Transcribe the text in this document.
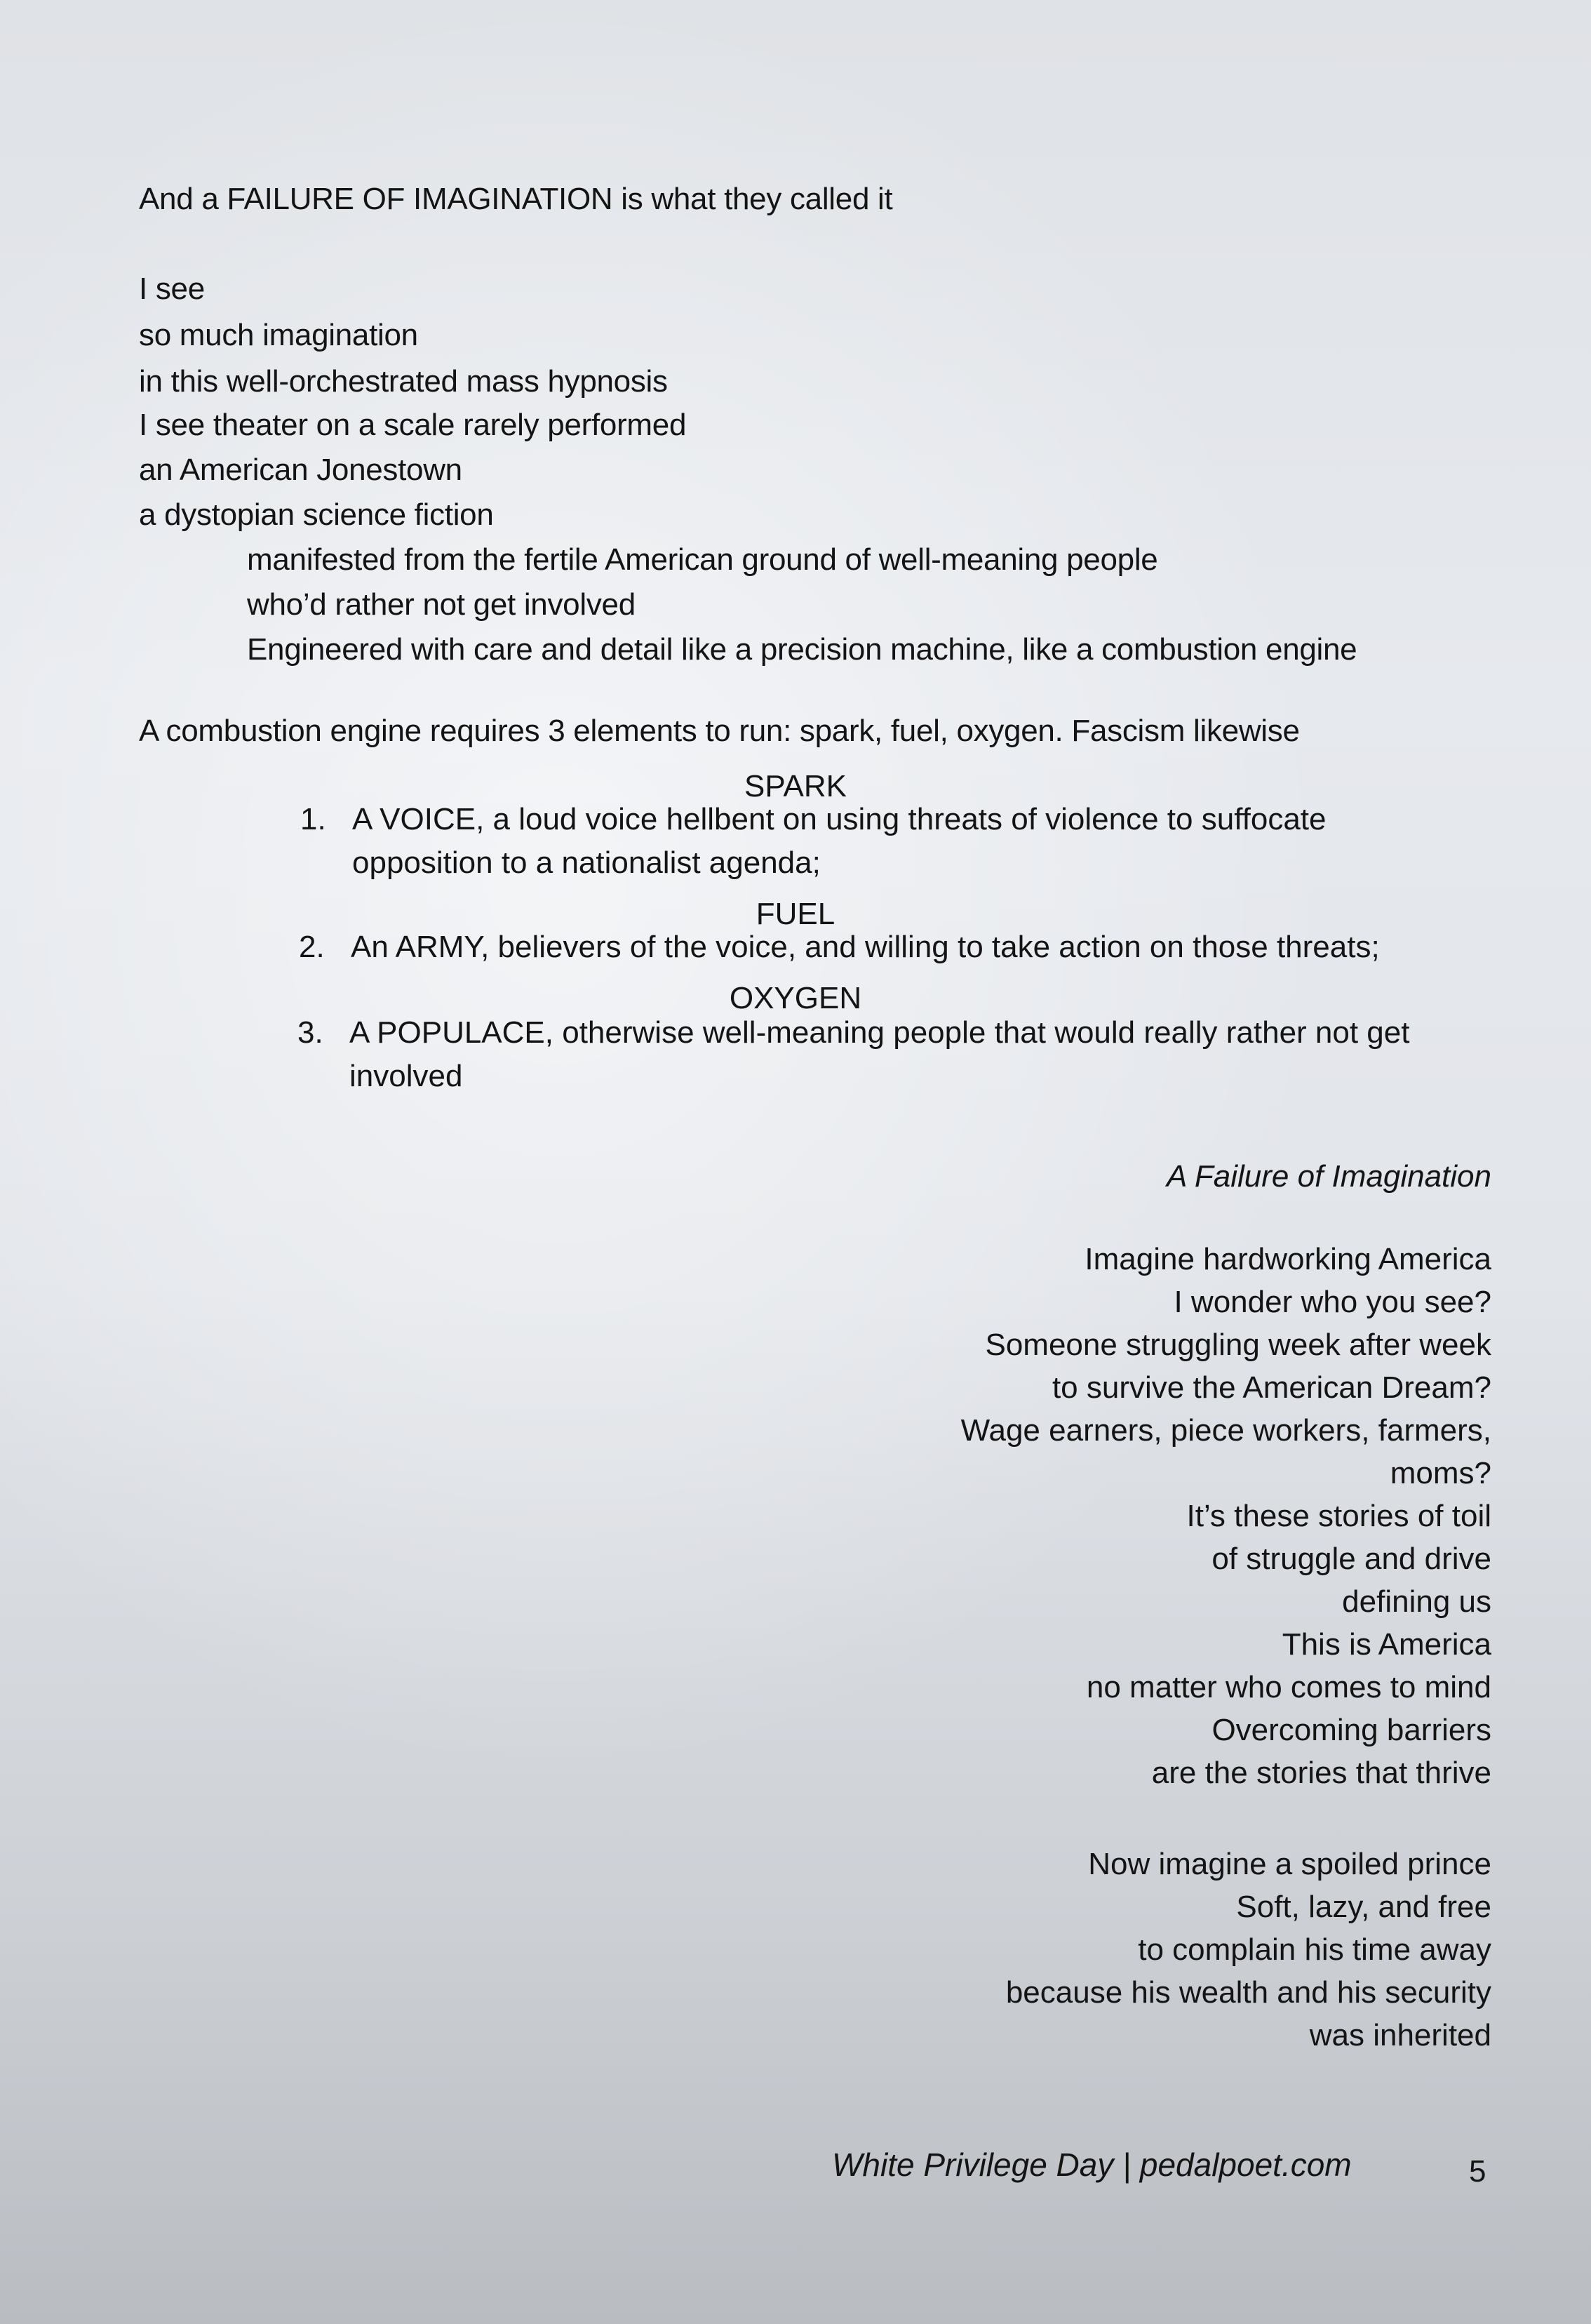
And a FAILURE OF IMAGINATION is what they called it
I see
so much imagination
in this well-orchestrated mass hypnosis
I see theater on a scale rarely performed
an American Jonestown
a dystopian science fiction
manifested from the fertile American ground of well-meaning people
who’d rather not get involved
Engineered with care and detail like a precision machine, like a combustion engine
A combustion engine requires 3 elements to run: spark, fuel, oxygen. Fascism likewise
SPARK
1. A VOICE, a loud voice hellbent on using threats of violence to suffocate
opposition to a nationalist agenda;
FUEL
2. An ARMY, believers of the voice, and willing to take action on those threats;
OXYGEN
3. A POPULACE, otherwise well-meaning people that would really rather not get
involved
A Failure of Imagination
Imagine hardworking America
I wonder who you see?
Someone struggling week after week
to survive the American Dream?
Wage earners, piece workers, farmers,
moms?
It’s these stories of toil
of struggle and drive
defining us
This is America
no matter who comes to mind
Overcoming barriers
are the stories that thrive
Now imagine a spoiled prince
Soft, lazy, and free
to complain his time away
because his wealth and his security
was inherited
White Privilege Day | pedalpoet.com	5
